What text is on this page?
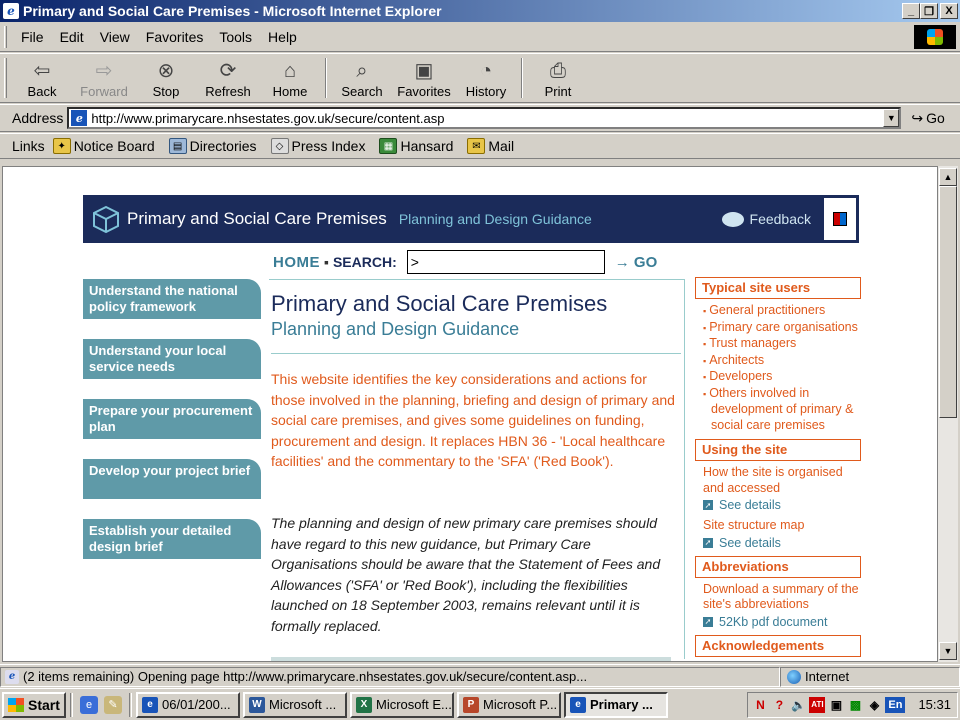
e Primary and Social Care Premises - Microsoft Internet Explorer	_ ❐	X
File	Edit	View	Favorites	Tools	Help
⇦
Back
⇨
Forward
⊗
Stop
⟳
Refresh
⌂
Home
⌕
Search
▣
Favorites
◔
History
⎙
Print
Address	e http://www.primarycare.nhsestates.gov.uk/secure/content.asp	▼ ↪ Go
Links	✦ Notice Board	▤ Directories	◇ Press Index	▦ Hansard	✉ Mail
Primary and Social Care Premises Planning and Design Guidance	Feedback
HOME ▪ SEARCH:
>	→ GO
Understand the national policy framework
Understand your local service needs
Prepare your procurement plan
Develop your project brief
Establish your detailed design brief
Primary and Social Care Premises
Planning and Design Guidance
This website identifies the key considerations and actions for those involved in the planning, briefing and design of primary and social care premises, and gives some guidelines on funding, procurement and design. It replaces HBN 36 - 'Local healthcare facilities' and the commentary to the 'SFA' ('Red Book').
The planning and design of new primary care premises should have regard to this new guidance, but Primary Care Organisations should be aware that the Statement of Fees and Allowances ('SFA' or 'Red Book'), including the flexibilities launched on 18 September 2003, remains relevant until it is formally replaced.
Typical site users
▪ General practitioners
▪ Primary care organisations
▪ Trust managers
▪ Architects
▪ Developers
▪ Others involved in development of primary & social care premises
Using the site
How the site is organised and accessed
➚ See details
Site structure map
➚ See details
Abbreviations
Download a summary of the site's abbreviations
➚ 52Kb pdf document
Acknowledgements
▲
▼
e (2 items remaining) Opening page http://www.primarycare.nhsestates.gov.uk/secure/content.asp...	Internet
Start	e	✎	e 06/01/200...	W Microsoft ...	X Microsoft E...	P Microsoft P...	e Primary ...	N ? 🔈 ATI ▣ ▩ ◈ En 15:31
